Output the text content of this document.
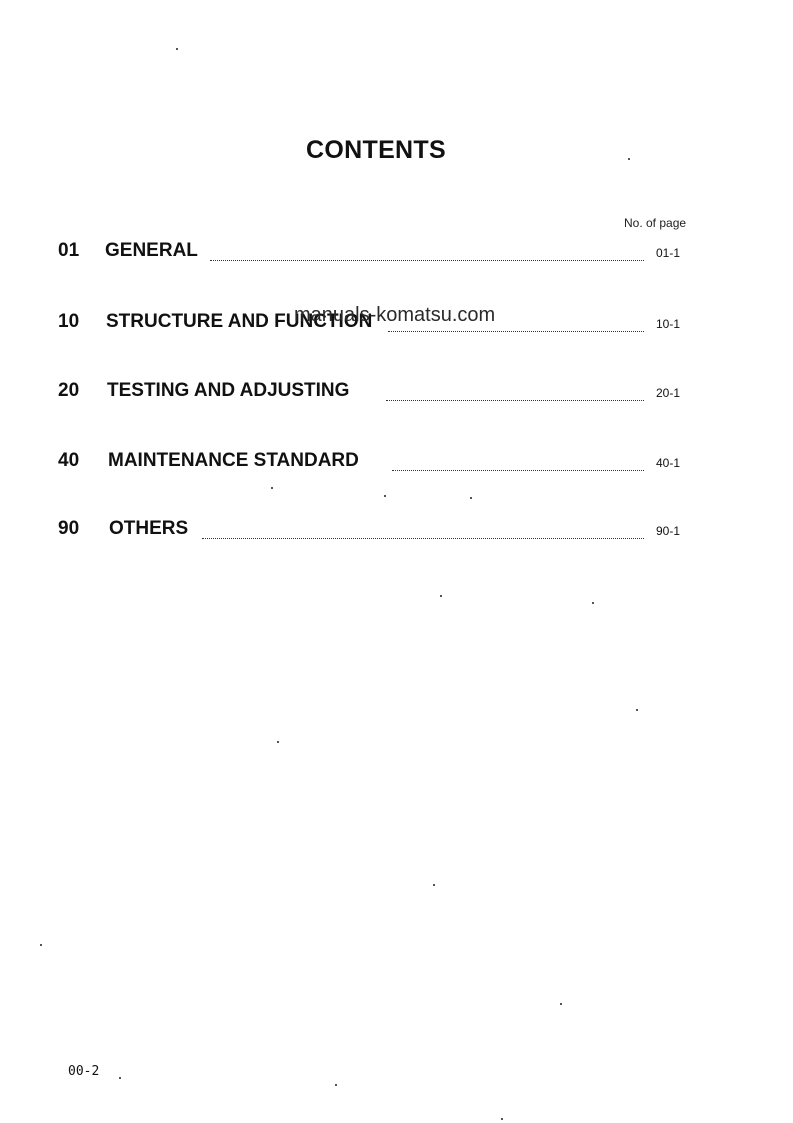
CONTENTS
No. of page
01 GENERAL	01-1
10 STRUCTURE AND FUNCTION	10-1
20 TESTING AND ADJUSTING	20-1
40 MAINTENANCE STANDARD	40-1
90 OTHERS	90-1
manuals-komatsu.com
00-2
